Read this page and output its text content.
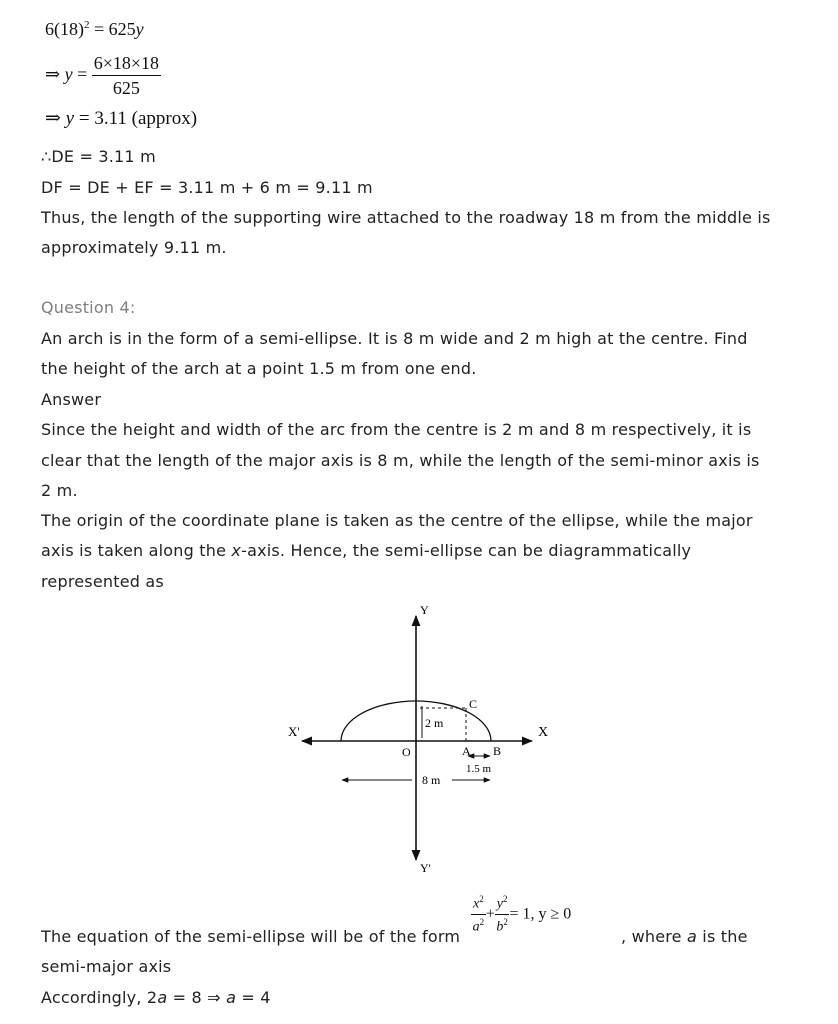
$6(18)^2 = 625y$
⇒ $y = \frac{6\times 18\times 18}{625}$
⇒ y = 3.11 (approx)
∴DE = 3.11 m
DF = DE + EF = 3.11 m + 6 m = 9.11 m
Thus, the length of the supporting wire attached to the roadway 18 m from the middle is
approximately 9.11 m.
Question 4:
An arch is in the form of a semi-ellipse. It is 8 m wide and 2 m high at the centre. Find
the height of the arch at a point 1.5 m from one end.
Answer
Since the height and width of the arc from the centre is 2 m and 8 m respectively, it is
clear that the length of the major axis is 8 m, while the length of the semi-minor axis is
2 m.
The origin of the coordinate plane is taken as the centre of the ellipse, while the major
axis is taken along the x-axis. Hence, the semi-ellipse can be diagrammatically
represented as
Y
Y'
X
X'
O	A B
C
2 m
8 m
1.5 m
The equation of the semi-ellipse will be of the form
$\frac{x^2}{a^2} + \frac{y^2}{b^2} = 1$, y ≥ 0
, where a is the
semi-major axis
Accordingly, 2a = 8 ⇒ a = 4
